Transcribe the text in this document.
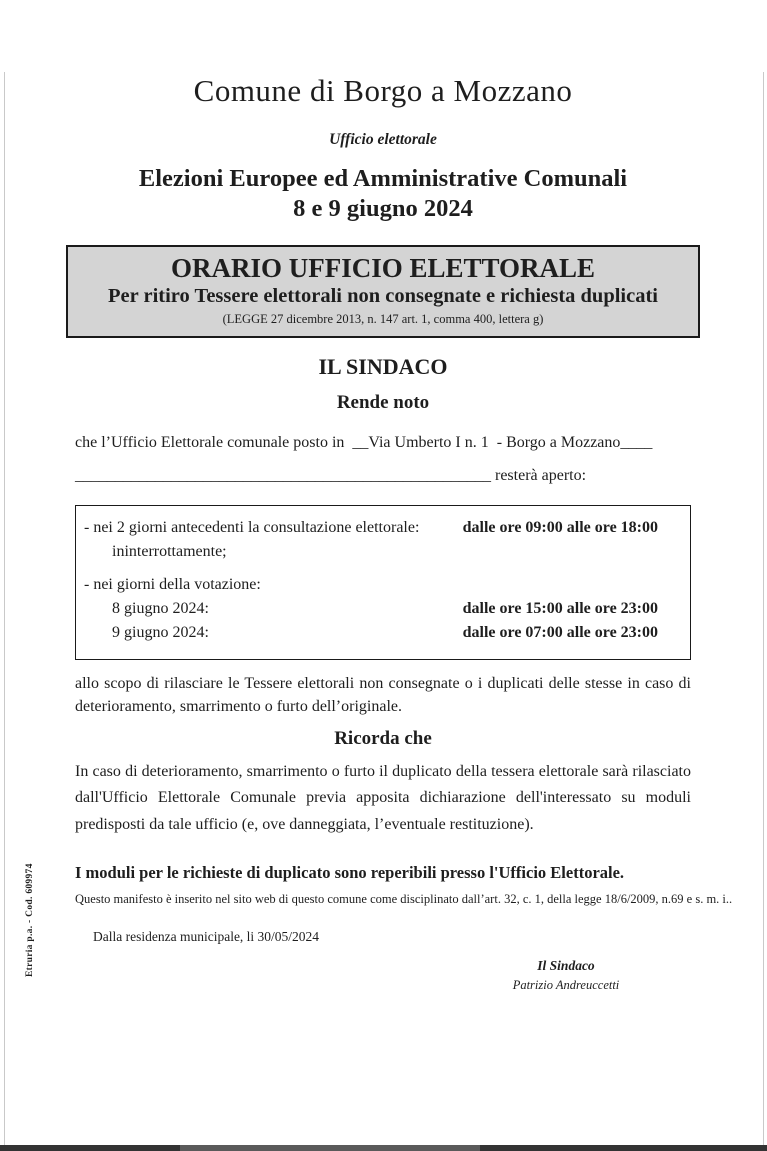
Comune di Borgo a Mozzano
Ufficio elettorale
Elezioni Europee ed Amministrative Comunali
8 e 9 giugno 2024
ORARIO UFFICIO ELETTORALE
Per ritiro Tessere elettorali non consegnate e richiesta duplicati
(LEGGE 27 dicembre 2013, n. 147 art. 1, comma 400, lettera g)
IL SINDACO
Rende noto
che l’Ufficio Elettorale comunale posto in  __Via Umberto I n. 1  - Borgo a Mozzano____
____________________________________________________ resterà aperto:
- nei 2 giorni antecedenti la consultazione elettorale:	dalle ore 09:00 alle ore 18:00
ininterrottamente;
- nei giorni della votazione:
8 giugno 2024:	dalle ore 15:00 alle ore 23:00
9 giugno 2024:	dalle ore 07:00 alle ore 23:00

allo scopo di rilasciare le Tessere elettorali non consegnate o i duplicati delle stesse in caso di deterioramento, smarrimento o furto dell’originale.

Ricorda che

In caso di deterioramento, smarrimento o furto il duplicato della tessera elettorale sarà rilasciato dall'Ufficio Elettorale Comunale previa apposita dichiarazione dell'interessato su moduli predisposti da tale ufficio (e, ove danneggiata, l’eventuale restituzione).

I moduli per le richieste di duplicato sono reperibili presso l'Ufficio Elettorale.
Questo manifesto è inserito nel sito web di questo comune come disciplinato dall’art. 32, c. 1, della legge 18/6/2009, n.69 e s. m. i..
Dalla residenza municipale, li 30/05/2024
Il Sindaco
Patrizio Andreuccetti
Etruria p.a. - Cod. 609974
